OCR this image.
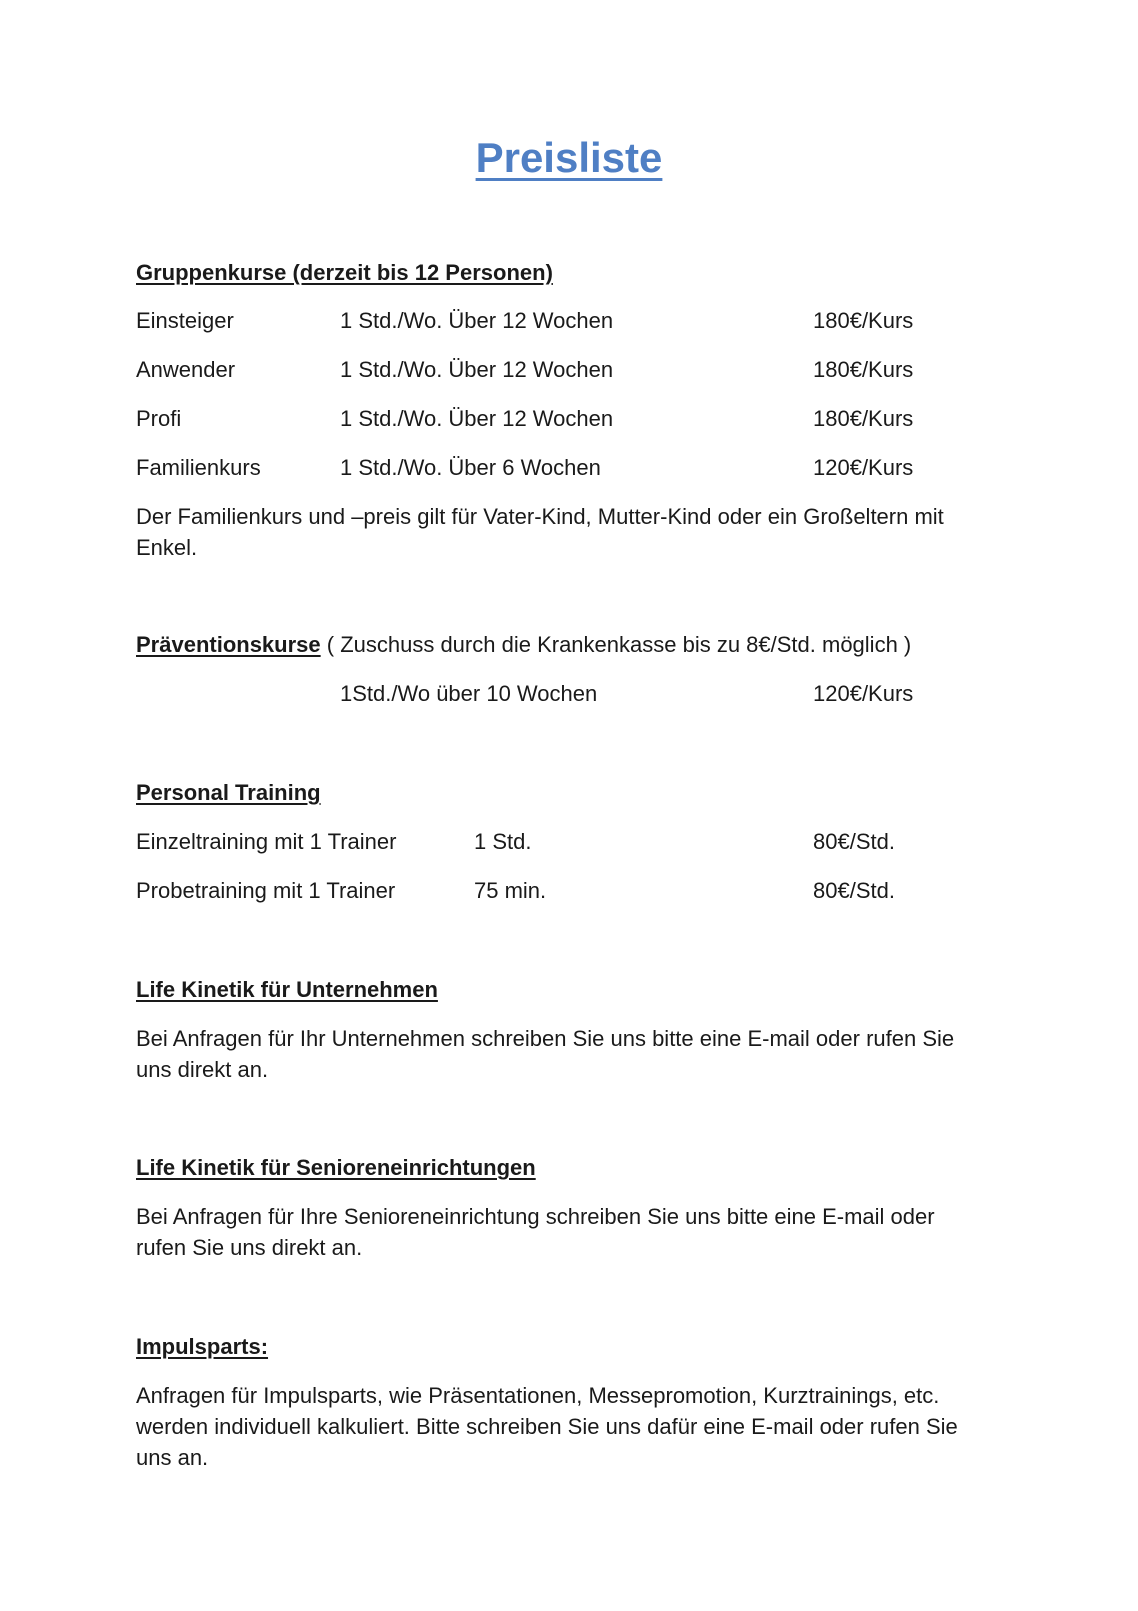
Preisliste
Gruppenkurse (derzeit bis 12 Personen)
Einsteiger	1 Std./Wo. Über 12 Wochen	180€/Kurs
Anwender	1 Std./Wo. Über 12 Wochen	180€/Kurs
Profi	1 Std./Wo. Über 12 Wochen	180€/Kurs
Familienkurs	1 Std./Wo. Über 6 Wochen	120€/Kurs
Der Familienkurs und –preis gilt für Vater-Kind, Mutter-Kind oder ein Großeltern mit
Enkel.
Präventionskurse ( Zuschuss durch die Krankenkasse bis zu 8€/Std. möglich )
1Std./Wo über 10 Wochen	120€/Kurs
Personal Training
Einzeltraining mit 1 Trainer	1 Std.	80€/Std.
Probetraining mit 1 Trainer	75 min.	80€/Std.
Life Kinetik für Unternehmen
Bei Anfragen für Ihr Unternehmen schreiben Sie uns bitte eine E-mail oder rufen Sie
uns direkt an.
Life Kinetik für Senioreneinrichtungen
Bei Anfragen für Ihre Senioreneinrichtung schreiben Sie uns bitte eine E-mail oder
rufen Sie uns direkt an.
Impulsparts:
Anfragen für Impulsparts, wie Präsentationen, Messepromotion, Kurztrainings, etc.
werden individuell kalkuliert. Bitte schreiben Sie uns dafür eine E-mail oder rufen Sie
uns an.
